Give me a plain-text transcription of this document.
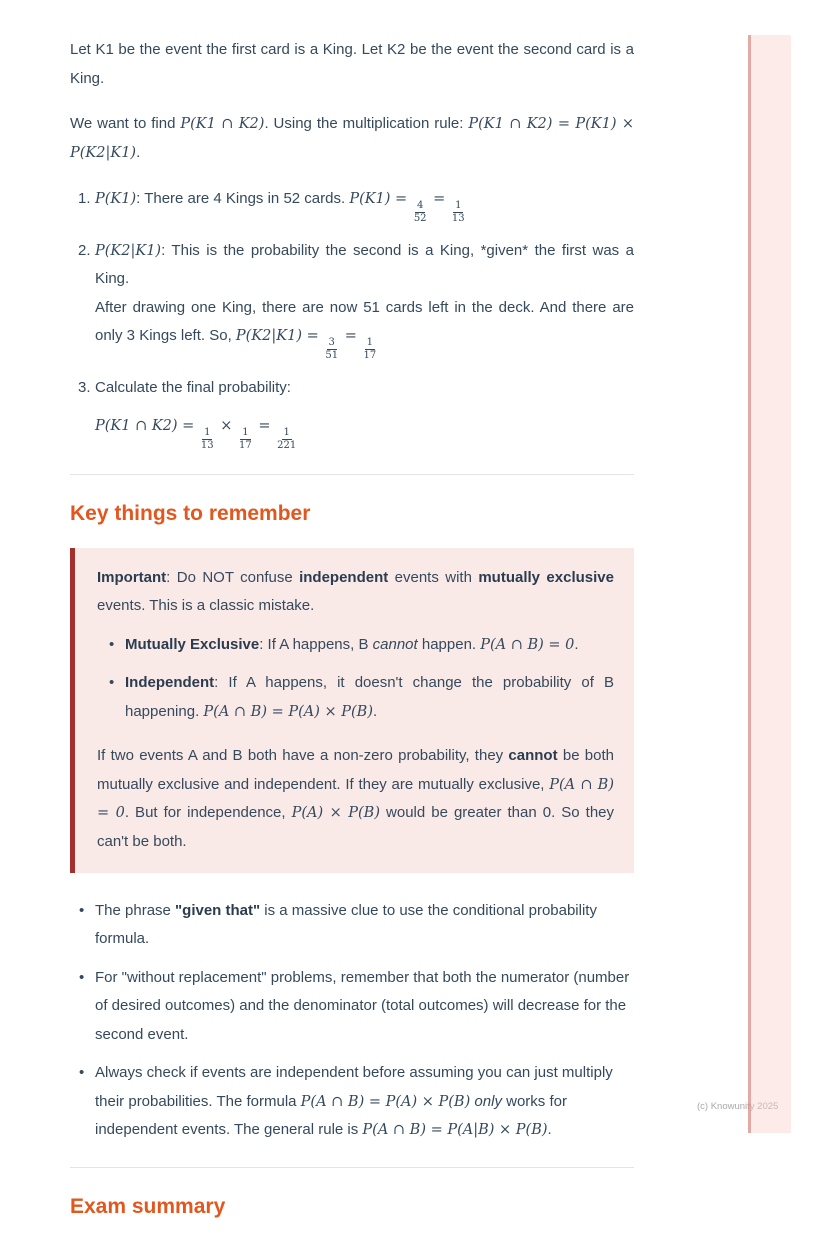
Let K1 be the event the first card is a King. Let K2 be the event the second card is a King.

We want to find P(K1 ∩ K2). Using the multiplication rule: P(K1 ∩ K2) = P(K1) × P(K2|K1).

P(K1): There are 4 Kings in 52 cards. P(K1) =
$\frac{4}{52}$
=
$\frac{1}{13}$
P(K2|K1): This is the probability the second is a King, *given* the first was a King.
After drawing one King, there are now 51 cards left in the deck. And there are only 3 Kings left. So, P(K2|K1) =
$\frac{3}{51}$
=
$\frac{1}{17}$
Calculate the final probability:
P(K1 ∩ K2) =
$\frac{1}{13}$
×
$\frac{1}{17}$
=
$\frac{1}{221}$
Key things to remember

Important: Do NOT confuse independent events with mutually exclusive events. This is a classic mistake.

• Mutually Exclusive: If A happens, B cannot happen. P(A ∩ B) = 0.
• Independent: If A happens, it doesn't change the probability of B happening. P(A ∩ B) = P(A) × P(B).

If two events A and B both have a non-zero probability, they cannot be both mutually exclusive and independent. If they are mutually exclusive, P(A ∩ B) = 0. But for independence, P(A) × P(B) would be greater than 0. So they can't be both.

• The phrase "given that" is a massive clue to use the conditional probability formula.
• For "without replacement" problems, remember that both the numerator (number of desired outcomes) and the denominator (total outcomes) will decrease for the second event.
• Always check if events are independent before assuming you can just multiply their probabilities. The formula P(A ∩ B) = P(A) × P(B) only works for independent events. The general rule is P(A ∩ B) = P(A|B) × P(B).
Exam summary
(c) Knowunity 2025
